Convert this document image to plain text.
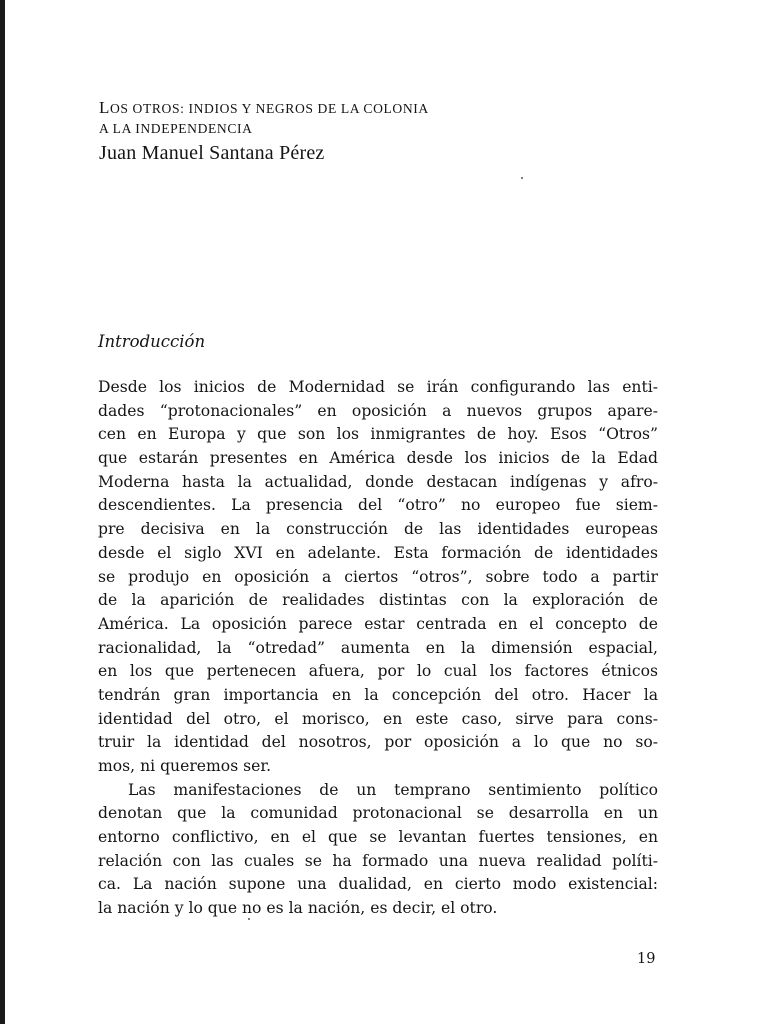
LOS OTROS: INDIOS Y NEGROS DE LA COLONIA

A LA INDEPENDENCIA

Juan Manuel Santana Pérez

Introducción

Desde los inicios de Modernidad se irán configurando las enti-
dades “protonacionales” en oposición a nuevos grupos apare-
cen en Europa y que son los inmigrantes de hoy. Esos “Otros”
que estarán presentes en América desde los inicios de la Edad
Moderna hasta la actualidad, donde destacan indígenas y afro-
descendientes. La presencia del “otro” no europeo fue siem-
pre decisiva en la construcción de las identidades europeas
desde el siglo XVI en adelante. Esta formación de identidades
se produjo en oposición a ciertos “otros”, sobre todo a partir
de la aparición de realidades distintas con la exploración de
América. La oposición parece estar centrada en el concepto de
racionalidad, la “otredad” aumenta en la dimensión espacial,
en los que pertenecen afuera, por lo cual los factores étnicos
tendrán gran importancia en la concepción del otro. Hacer la
identidad del otro, el morisco, en este caso, sirve para cons-
truir la identidad del nosotros, por oposición a lo que no so-
mos, ni queremos ser.
Las manifestaciones de un temprano sentimiento político
denotan que la comunidad protonacional se desarrolla en un
entorno conflictivo, en el que se levantan fuertes tensiones, en
relación con las cuales se ha formado una nueva realidad políti-
ca. La nación supone una dualidad, en cierto modo existencial:
la nación y lo que no es la nación, es decir, el otro.

19
